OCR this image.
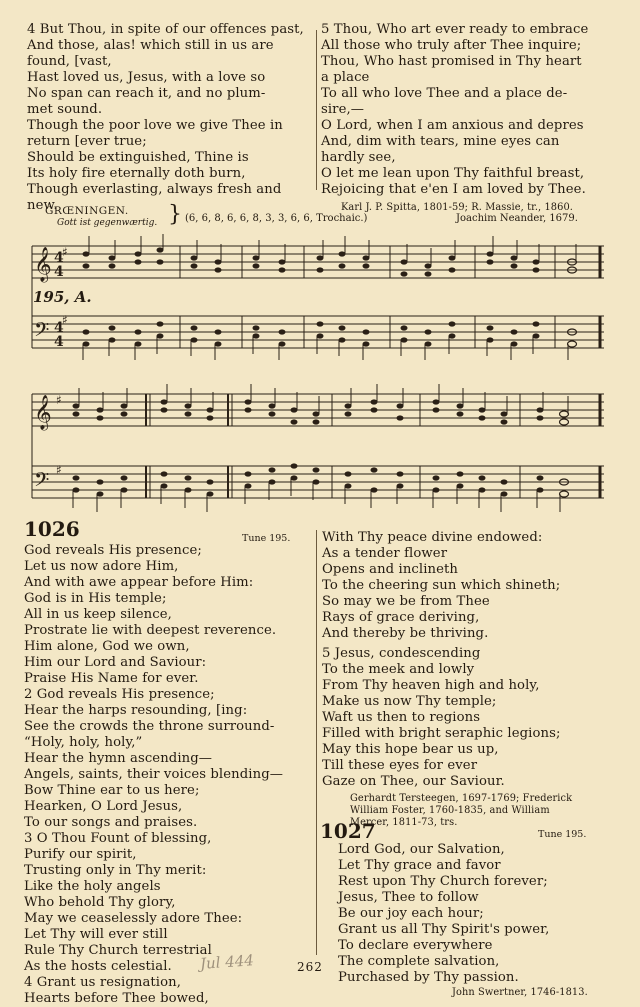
4 But Thou, in spite of our offences past,
And those, alas! which still in us are
found, [vast,
Hast loved us, Jesus, with a love so
No span can reach it, and no plum-
met sound.
Though the poor love we give Thee in
return [ever true;
Should be extinguished, Thine is
Its holy fire eternally doth burn,
Though everlasting, always fresh and
new.
5 Thou, Who art ever ready to embrace
All those who truly after Thee inquire;
Thou, Who hast promised in Thy heart
a place
To all who love Thee and a place de-
sire,—
O Lord, when I am anxious and depres
And, dim with tears, mine eyes can
hardly see,
O let me lean upon Thy faithful breast,
Rejoicing that e'en I am loved by Thee.
Karl J. P. Spitta, 1801-59; R. Massie, tr., 1860.
GRŒNINGEN.
Gott ist gegenwærtig. } (6, 6, 8, 6, 6, 8, 3, 3, 6, 6, Trochaic.)	Joachim Neander, 1679.
𝄞
𝄢
4
4
4
4
♯
♯
195, A.
𝄞
𝄢
♯
♯
1026	Tune 195.
God reveals His presence;
Let us now adore Him,
And with awe appear before Him:
God is in His temple;
All in us keep silence,
Prostrate lie with deepest reverence.
Him alone, God we own,
Him our Lord and Saviour:
Praise His Name for ever.
2 God reveals His presence;
Hear the harps resounding, [ing:
See the crowds the throne surround-
“Holy, holy, holy,”
Hear the hymn ascending—
Angels, saints, their voices blending—
Bow Thine ear to us here;
Hearken, O Lord Jesus,
To our songs and praises.
3 O Thou Fount of blessing,
Purify our spirit,
Trusting only in Thy merit:
Like the holy angels
Who behold Thy glory,
May we ceaselessly adore Thee:
Let Thy will ever still
Rule Thy Church terrestrial
As the hosts celestial.
4 Grant us resignation,
Hearts before Thee bowed,
With Thy peace divine endowed:
As a tender flower
Opens and inclineth
To the cheering sun which shineth;
So may we be from Thee
Rays of grace deriving,
And thereby be thriving.
5 Jesus, condescending
To the meek and lowly
From Thy heaven high and holy,
Make us now Thy temple;
Waft us then to regions
Filled with bright seraphic legions;
May this hope bear us up,
Till these eyes for ever
Gaze on Thee, our Saviour.
Gerhardt Tersteegen, 1697-1769; Frederick
William Foster, 1760-1835, and William
Mercer, 1811-73, trs.
1027	Tune 195.
Lord God, our Salvation,
Let Thy grace and favor
Rest upon Thy Church forever;
Jesus, Thee to follow
Be our joy each hour;
Grant us all Thy Spirit's power,
To declare everywhere
The complete salvation,
Purchased by Thy passion.
John Swertner, 1746-1813.
262
Jul 444
